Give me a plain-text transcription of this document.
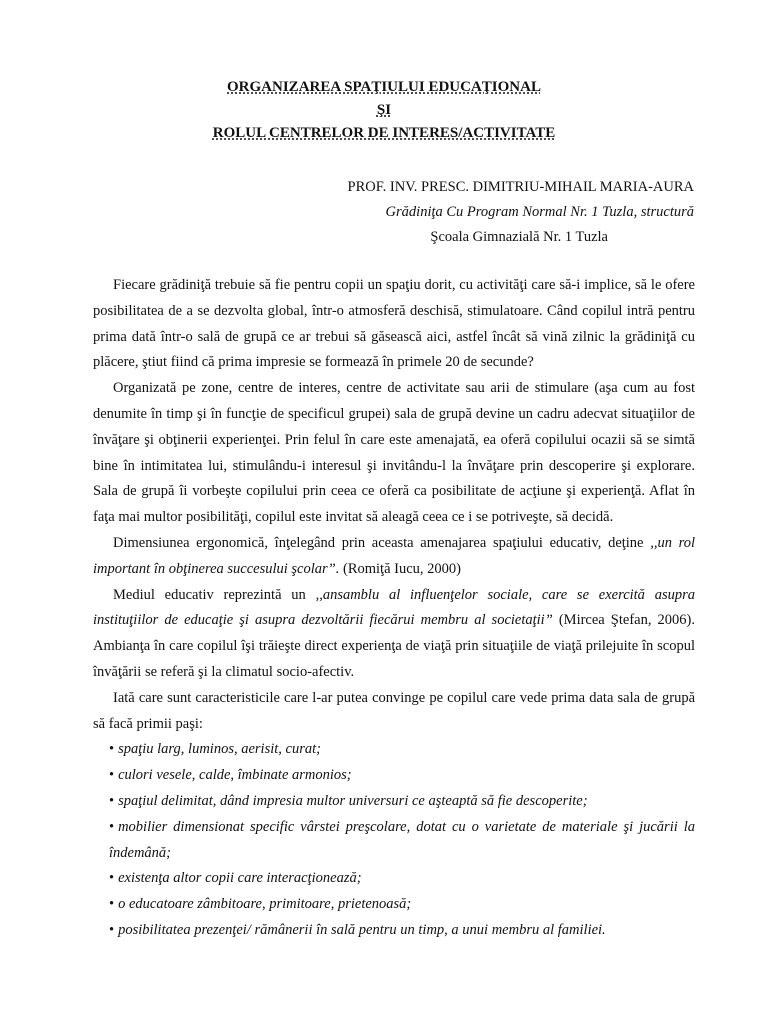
ORGANIZAREA SPAŢIULUI EDUCAŢIONAL
ŞI
ROLUL CENTRELOR DE INTERES/ACTIVITATE
PROF. INV. PRESC. DIMITRIU-MIHAIL MARIA-AURA
Grădiniţa Cu Program Normal Nr. 1 Tuzla, structură
Şcoala Gimnazială Nr. 1 Tuzla

Fiecare grădiniţă trebuie să fie pentru copii un spaţiu dorit, cu activităţi care să-i implice, să le ofere posibilitatea de a se dezvolta global, într-o atmosferă deschisă, stimulatoare. Când copilul intră pentru prima dată într-o sală de grupă ce ar trebui să găsească aici, astfel încât să vină zilnic la grădiniţă cu plăcere, ştiut fiind că prima impresie se formează în primele 20 de secunde?

Organizată pe zone, centre de interes, centre de activitate sau arii de stimulare (aşa cum au fost denumite în timp şi în funcţie de specificul grupei) sala de grupă devine un cadru adecvat situaţiilor de învăţare şi obţinerii experienţei. Prin felul în care este amenajată, ea oferă copilului ocazii să se simtă bine în intimitatea lui, stimulându-i interesul şi invitându-l la învăţare prin descoperire şi explorare. Sala de grupă îi vorbeşte copilului prin ceea ce oferă ca posibilitate de acţiune şi experienţă. Aflat în faţa mai multor posibilităţi, copilul este invitat să aleagă ceea ce i se potriveşte, să decidă.

Dimensiunea ergonomică, înţelegând prin aceasta amenajarea spaţiului educativ, deţine ,,un rol important în obţinerea succesului şcolar”. (Romiţă Iucu, 2000)

Mediul educativ reprezintă un ,,ansamblu al influenţelor sociale, care se exercită asupra instituţiilor de educaţie şi asupra dezvoltării fiecărui membru al societaţii” (Mircea Ştefan, 2006). Ambianţa în care copilul îşi trăieşte direct experienţa de viaţă prin situaţiile de viaţă prilejuite în scopul învăţării se referă şi la climatul socio-afectiv.

Iată care sunt caracteristicile care l-ar putea convinge pe copilul care vede prima data sala de grupă să facă primii paşi:

• spaţiu larg, luminos, aerisit, curat;
• culori vesele, calde, îmbinate armonios;
• spaţiul delimitat, dând impresia multor universuri ce aşteaptă să fie descoperite;
• mobilier dimensionat specific vârstei preşcolare, dotat cu o varietate de materiale şi jucării la îndemână;
• existenţa altor copii care interacţionează;
• o educatoare zâmbitoare, primitoare, prietenoasă;
• posibilitatea prezenţei/ rămânerii în sală pentru un timp, a unui membru al familiei.
